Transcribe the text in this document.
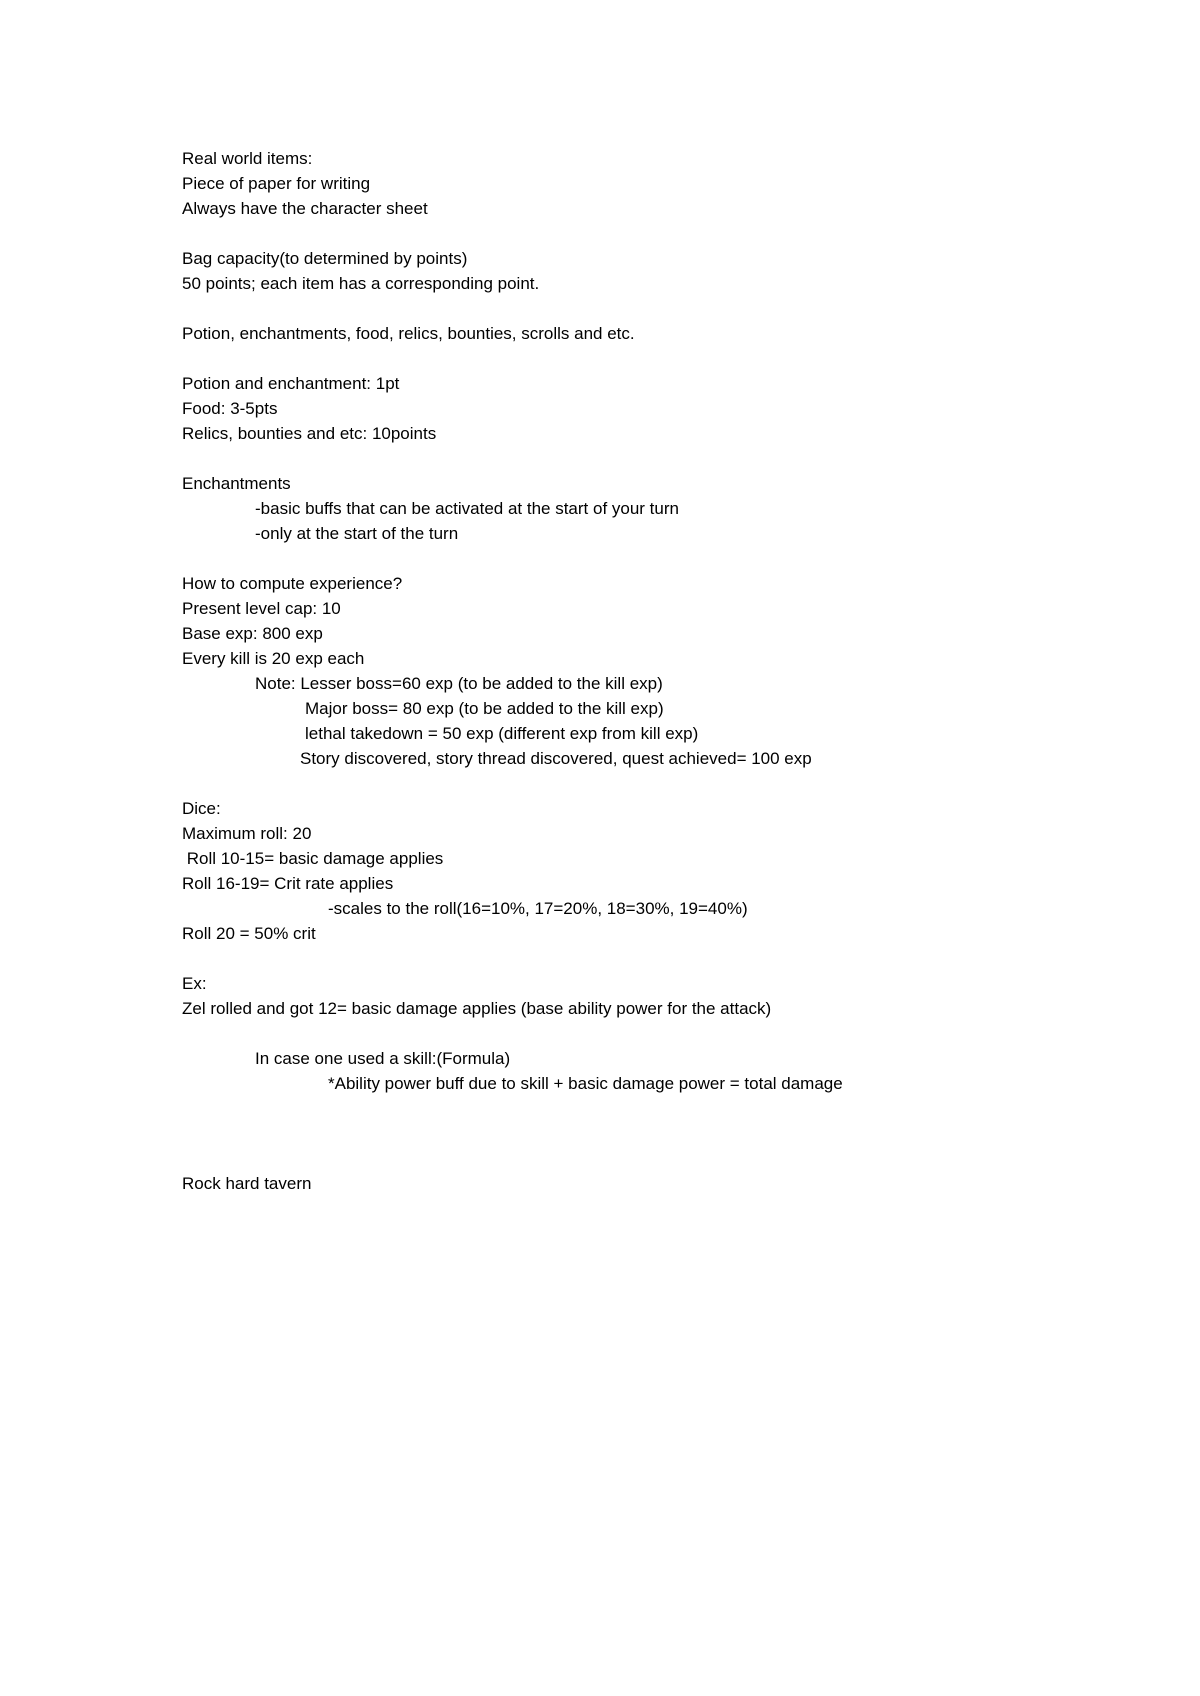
Real world items:

Piece of paper for writing

Always have the character sheet

Bag capacity(to determined by points)

50 points; each item has a corresponding point.

Potion, enchantments, food, relics, bounties, scrolls and etc.

Potion and enchantment: 1pt

Food: 3-5pts

Relics, bounties and etc: 10points

Enchantments

-basic buffs that can be activated at the start of your turn

-only at the start of the turn

How to compute experience?

Present level cap: 10

Base exp: 800 exp

Every kill is 20 exp each

Note: Lesser boss=60 exp (to be added to the kill exp)

Major boss= 80 exp (to be added to the kill exp)

lethal takedown = 50 exp (different exp from kill exp)

Story discovered, story thread discovered, quest achieved= 100 exp

Dice:

Maximum roll: 20

Roll 10-15= basic damage applies

Roll 16-19= Crit rate applies

-scales to the roll(16=10%, 17=20%, 18=30%, 19=40%)

Roll 20 = 50% crit

Ex:

Zel rolled and got 12= basic damage applies (base ability power for the attack)

In case one used a skill:(Formula)

*Ability power buff due to skill + basic damage power = total damage

Rock hard tavern
